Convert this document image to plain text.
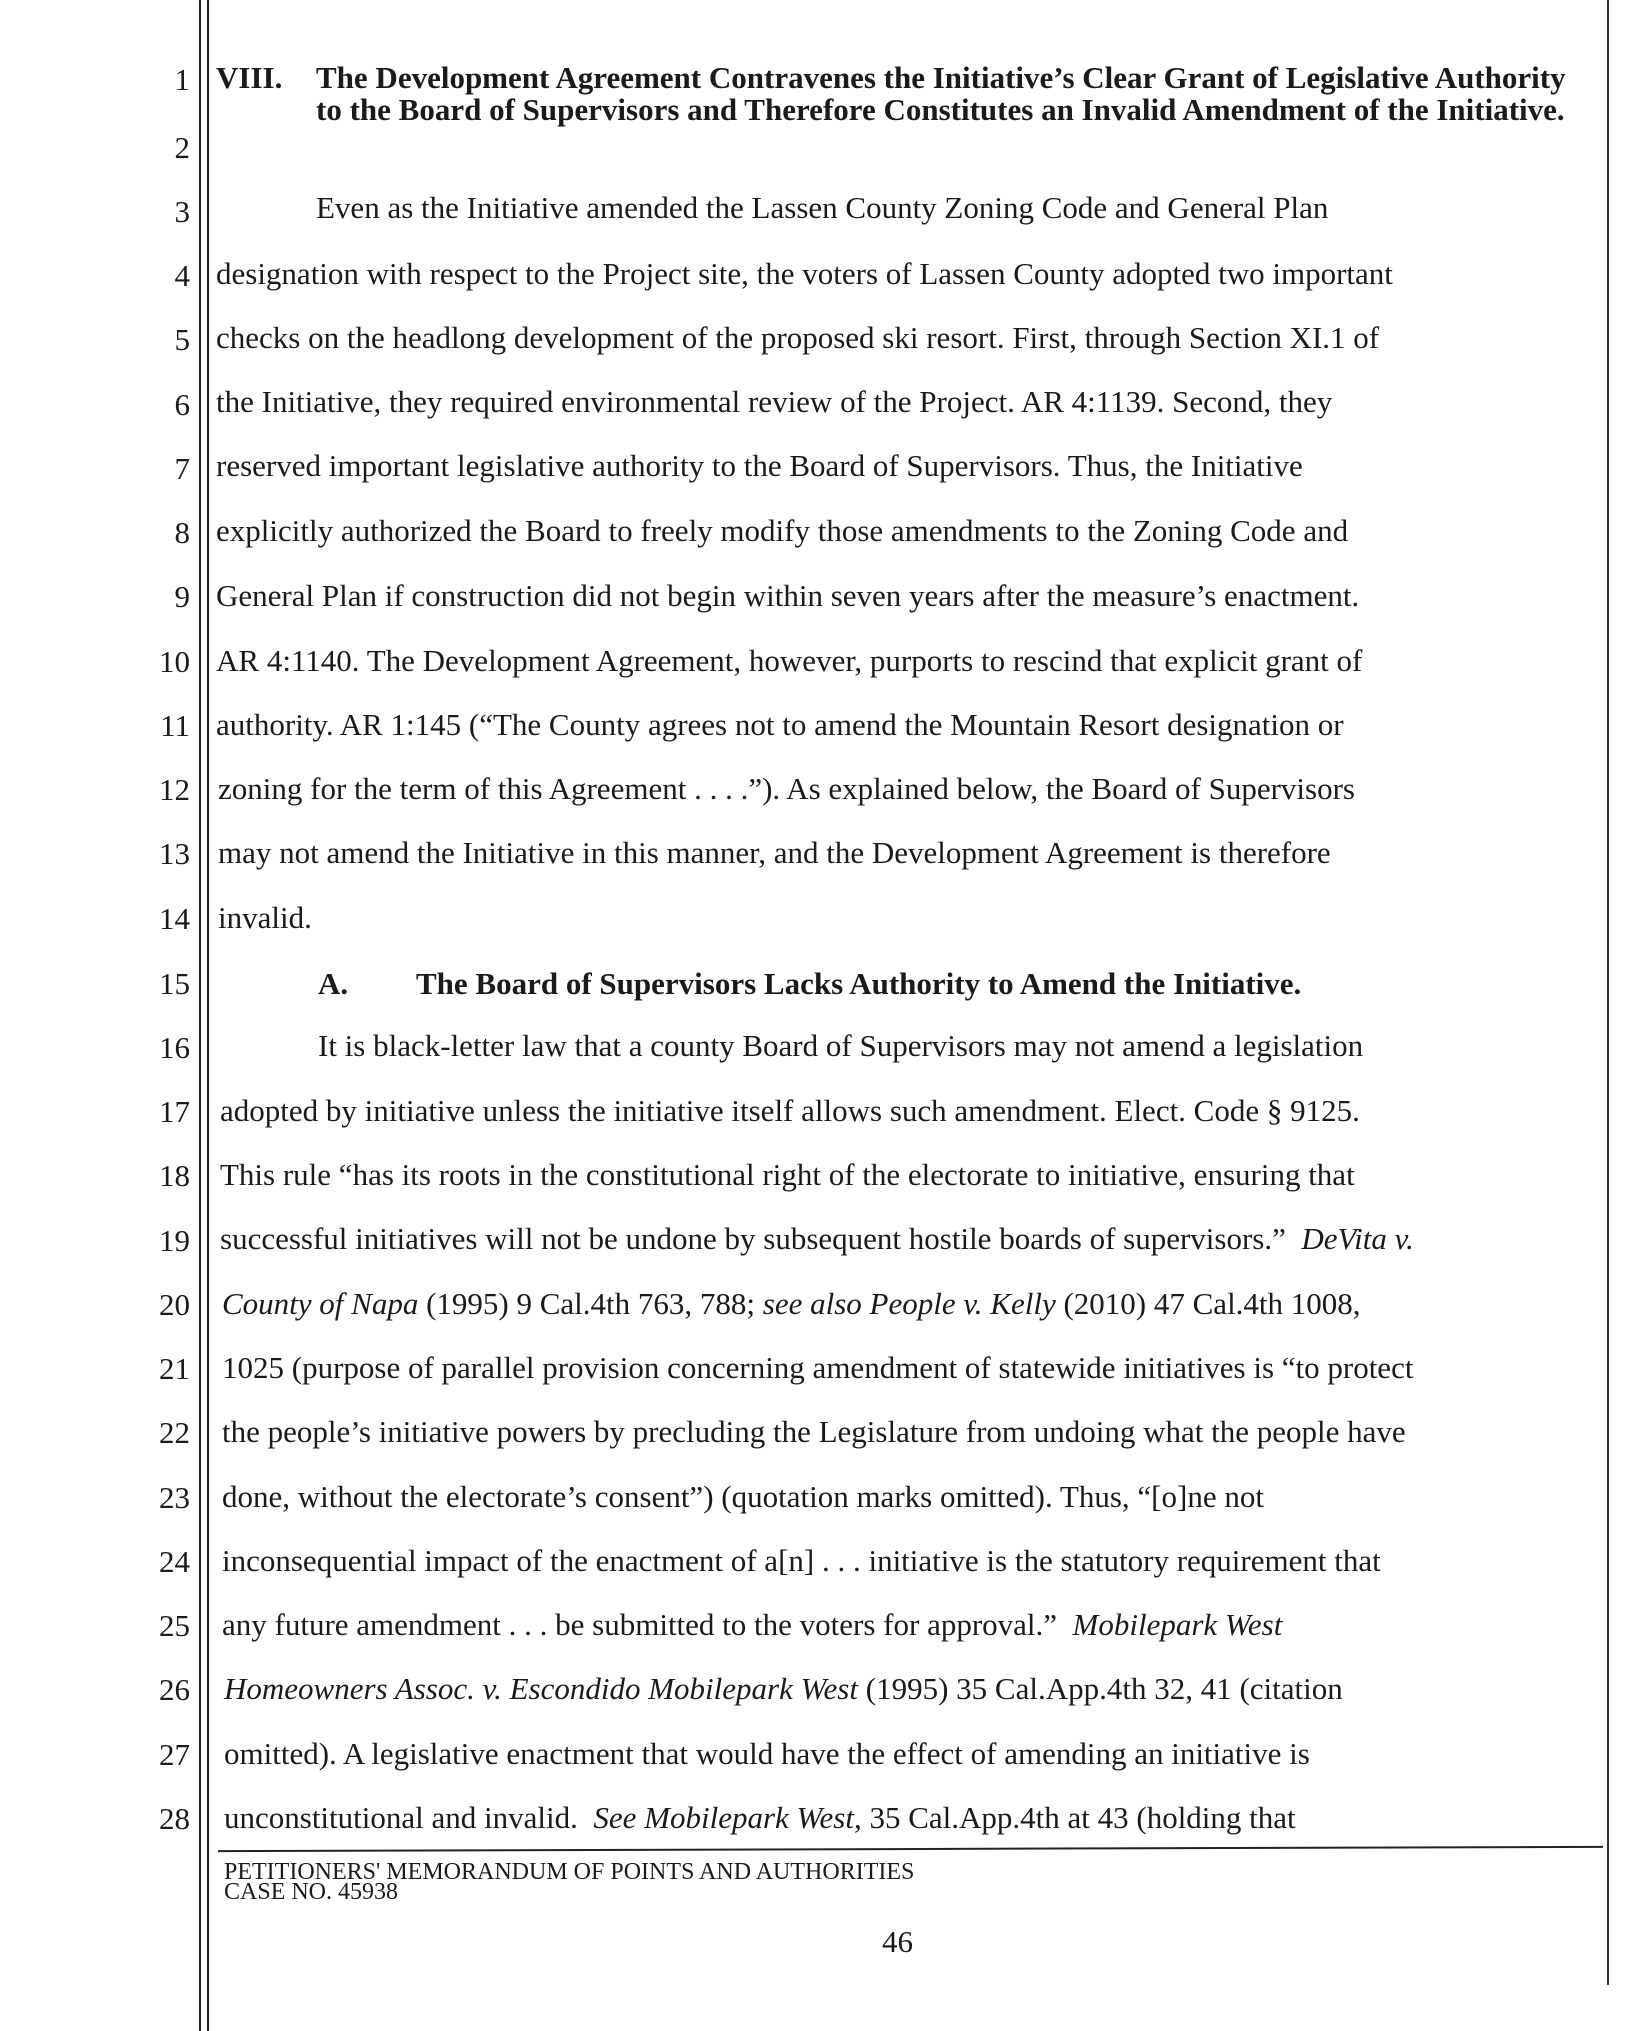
1
2
3
4
5
6
7
8
9
10
11
12
13
14
15
16
17
18
19
20
21
22
23
24
25
26
27
28
VIII. The Development Agreement Contravenes the Initiative’s Clear Grant of Legislative Authority to the Board of Supervisors and Therefore Constitutes an Invalid Amendment of the Initiative.
Even as the Initiative amended the Lassen County Zoning Code and General Plan
designation with respect to the Project site, the voters of Lassen County adopted two important
checks on the headlong development of the proposed ski resort. First, through Section XI.1 of
the Initiative, they required environmental review of the Project. AR 4:1139. Second, they
reserved important legislative authority to the Board of Supervisors. Thus, the Initiative
explicitly authorized the Board to freely modify those amendments to the Zoning Code and
General Plan if construction did not begin within seven years after the measure’s enactment.
AR 4:1140. The Development Agreement, however, purports to rescind that explicit grant of
authority. AR 1:145 (“The County agrees not to amend the Mountain Resort designation or
zoning for the term of this Agreement . . . .”). As explained below, the Board of Supervisors
may not amend the Initiative in this manner, and the Development Agreement is therefore
invalid.
A. The Board of Supervisors Lacks Authority to Amend the Initiative.
It is black-letter law that a county Board of Supervisors may not amend a legislation
adopted by initiative unless the initiative itself allows such amendment. Elect. Code § 9125.
This rule “has its roots in the constitutional right of the electorate to initiative, ensuring that
successful initiatives will not be undone by subsequent hostile boards of supervisors.” DeVita v.
County of Napa (1995) 9 Cal.4th 763, 788; see also People v. Kelly (2010) 47 Cal.4th 1008,
1025 (purpose of parallel provision concerning amendment of statewide initiatives is “to protect
the people’s initiative powers by precluding the Legislature from undoing what the people have
done, without the electorate’s consent”) (quotation marks omitted). Thus, “[o]ne not
inconsequential impact of the enactment of a[n] . . . initiative is the statutory requirement that
any future amendment . . . be submitted to the voters for approval.” Mobilepark West
Homeowners Assoc. v. Escondido Mobilepark West (1995) 35 Cal.App.4th 32, 41 (citation
omitted). A legislative enactment that would have the effect of amending an initiative is
unconstitutional and invalid. See Mobilepark West, 35 Cal.App.4th at 43 (holding that
PETITIONERS' MEMORANDUM OF POINTS AND AUTHORITIES
CASE NO. 45938
46
